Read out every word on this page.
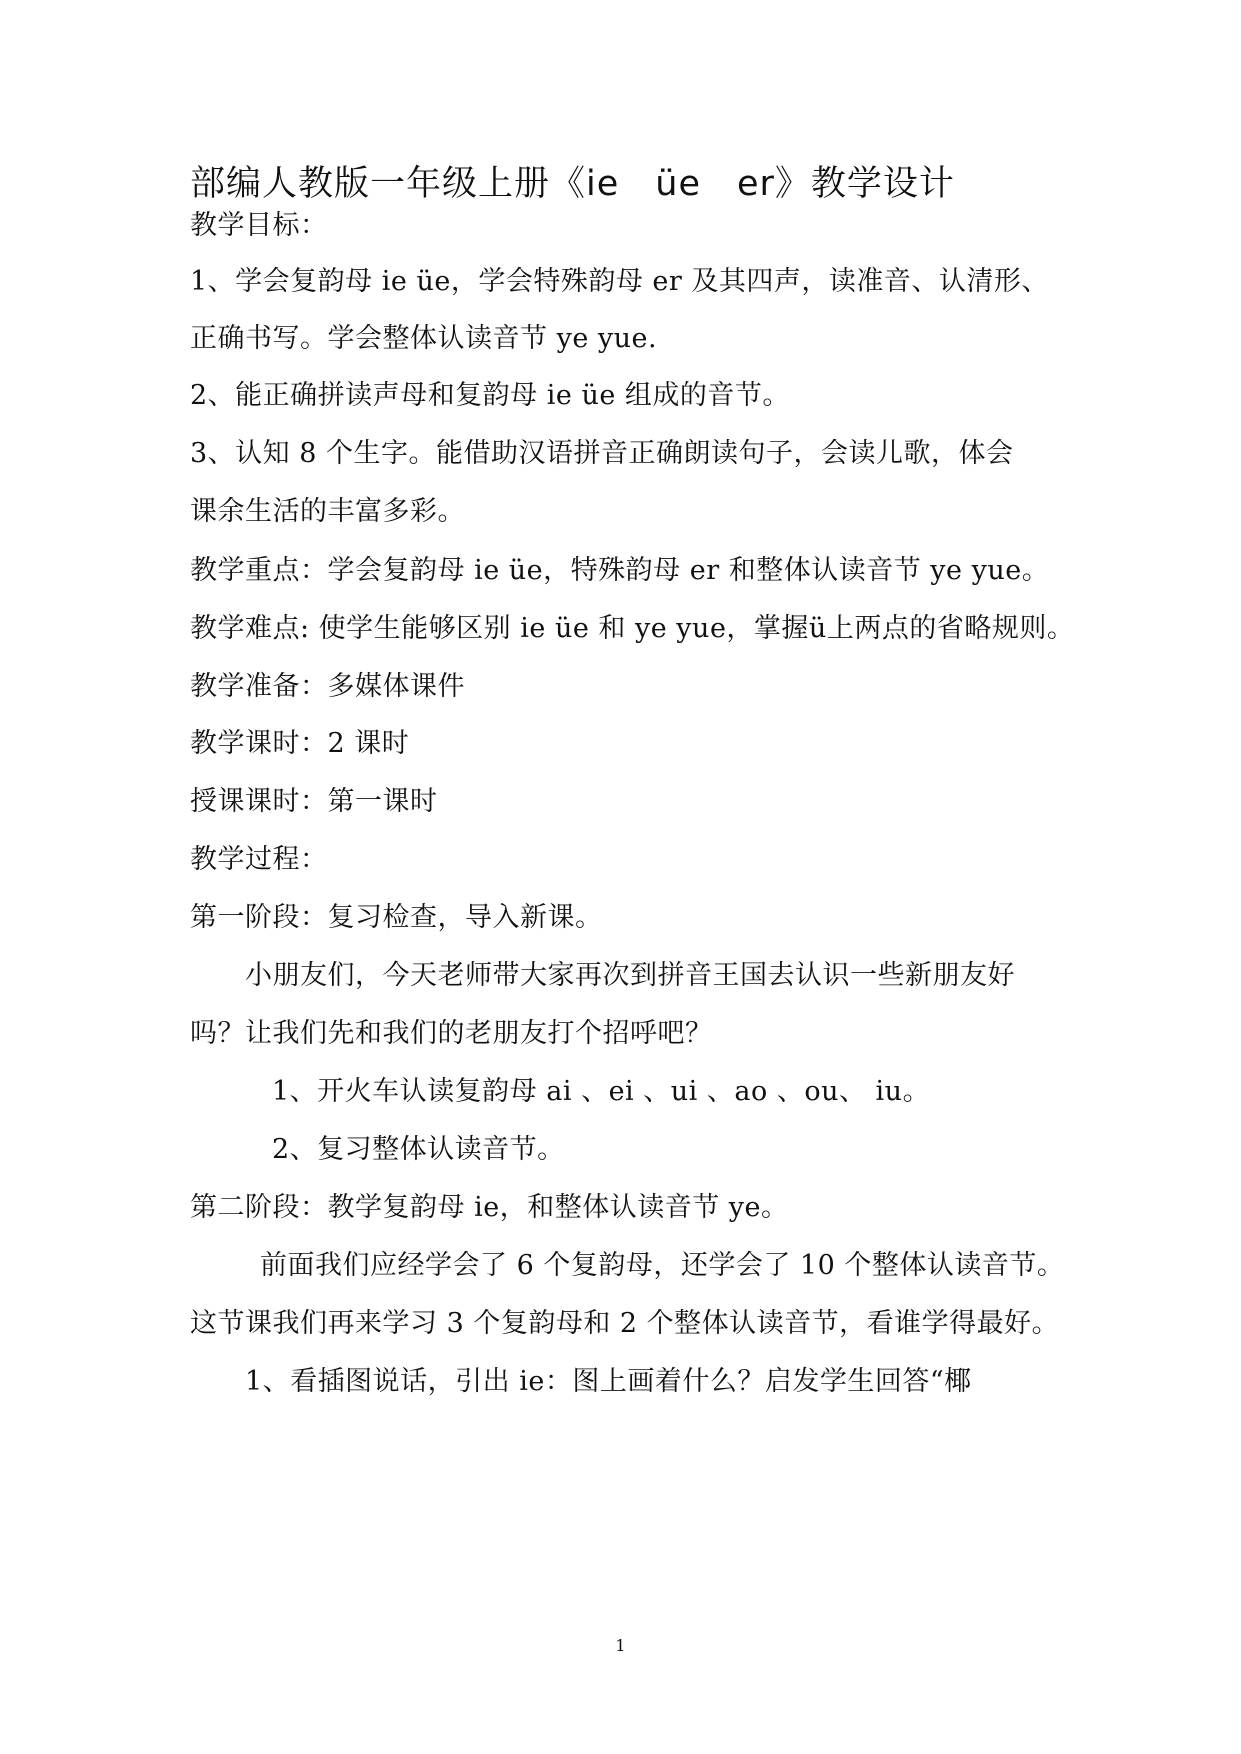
部编人教版一年级上册《ie　üe　er》教学设计

教学目标：

1、学会复韵母 ie üe，学会特殊韵母 er 及其四声，读准音、认清形、

正确书写。学会整体认读音节 ye yue.

2、能正确拼读声母和复韵母 ie üe 组成的音节。

3、认知 8 个生字。能借助汉语拼音正确朗读句子，会读儿歌，体会

课余生活的丰富多彩。

教学重点：学会复韵母 ie üe，特殊韵母 er 和整体认读音节 ye yue。

教学难点: 使学生能够区别 ie üe 和 ye yue，掌握ü上两点的省略规则。

教学准备：多媒体课件

教学课时：2 课时

授课课时：第一课时

教学过程：

第一阶段：复习检查，导入新课。

小朋友们，今天老师带大家再次到拼音王国去认识一些新朋友好

吗？让我们先和我们的老朋友打个招呼吧？

1、开火车认读复韵母 ai 、ei 、ui 、ao 、ou、 iu。

2、复习整体认读音节。

第二阶段：教学复韵母 ie，和整体认读音节 ye。

前面我们应经学会了 6 个复韵母，还学会了 10 个整体认读音节。

这节课我们再来学习 3 个复韵母和 2 个整体认读音节，看谁学得最好。

1、看插图说话，引出 ie：图上画着什么？启发学生回答“椰

1
